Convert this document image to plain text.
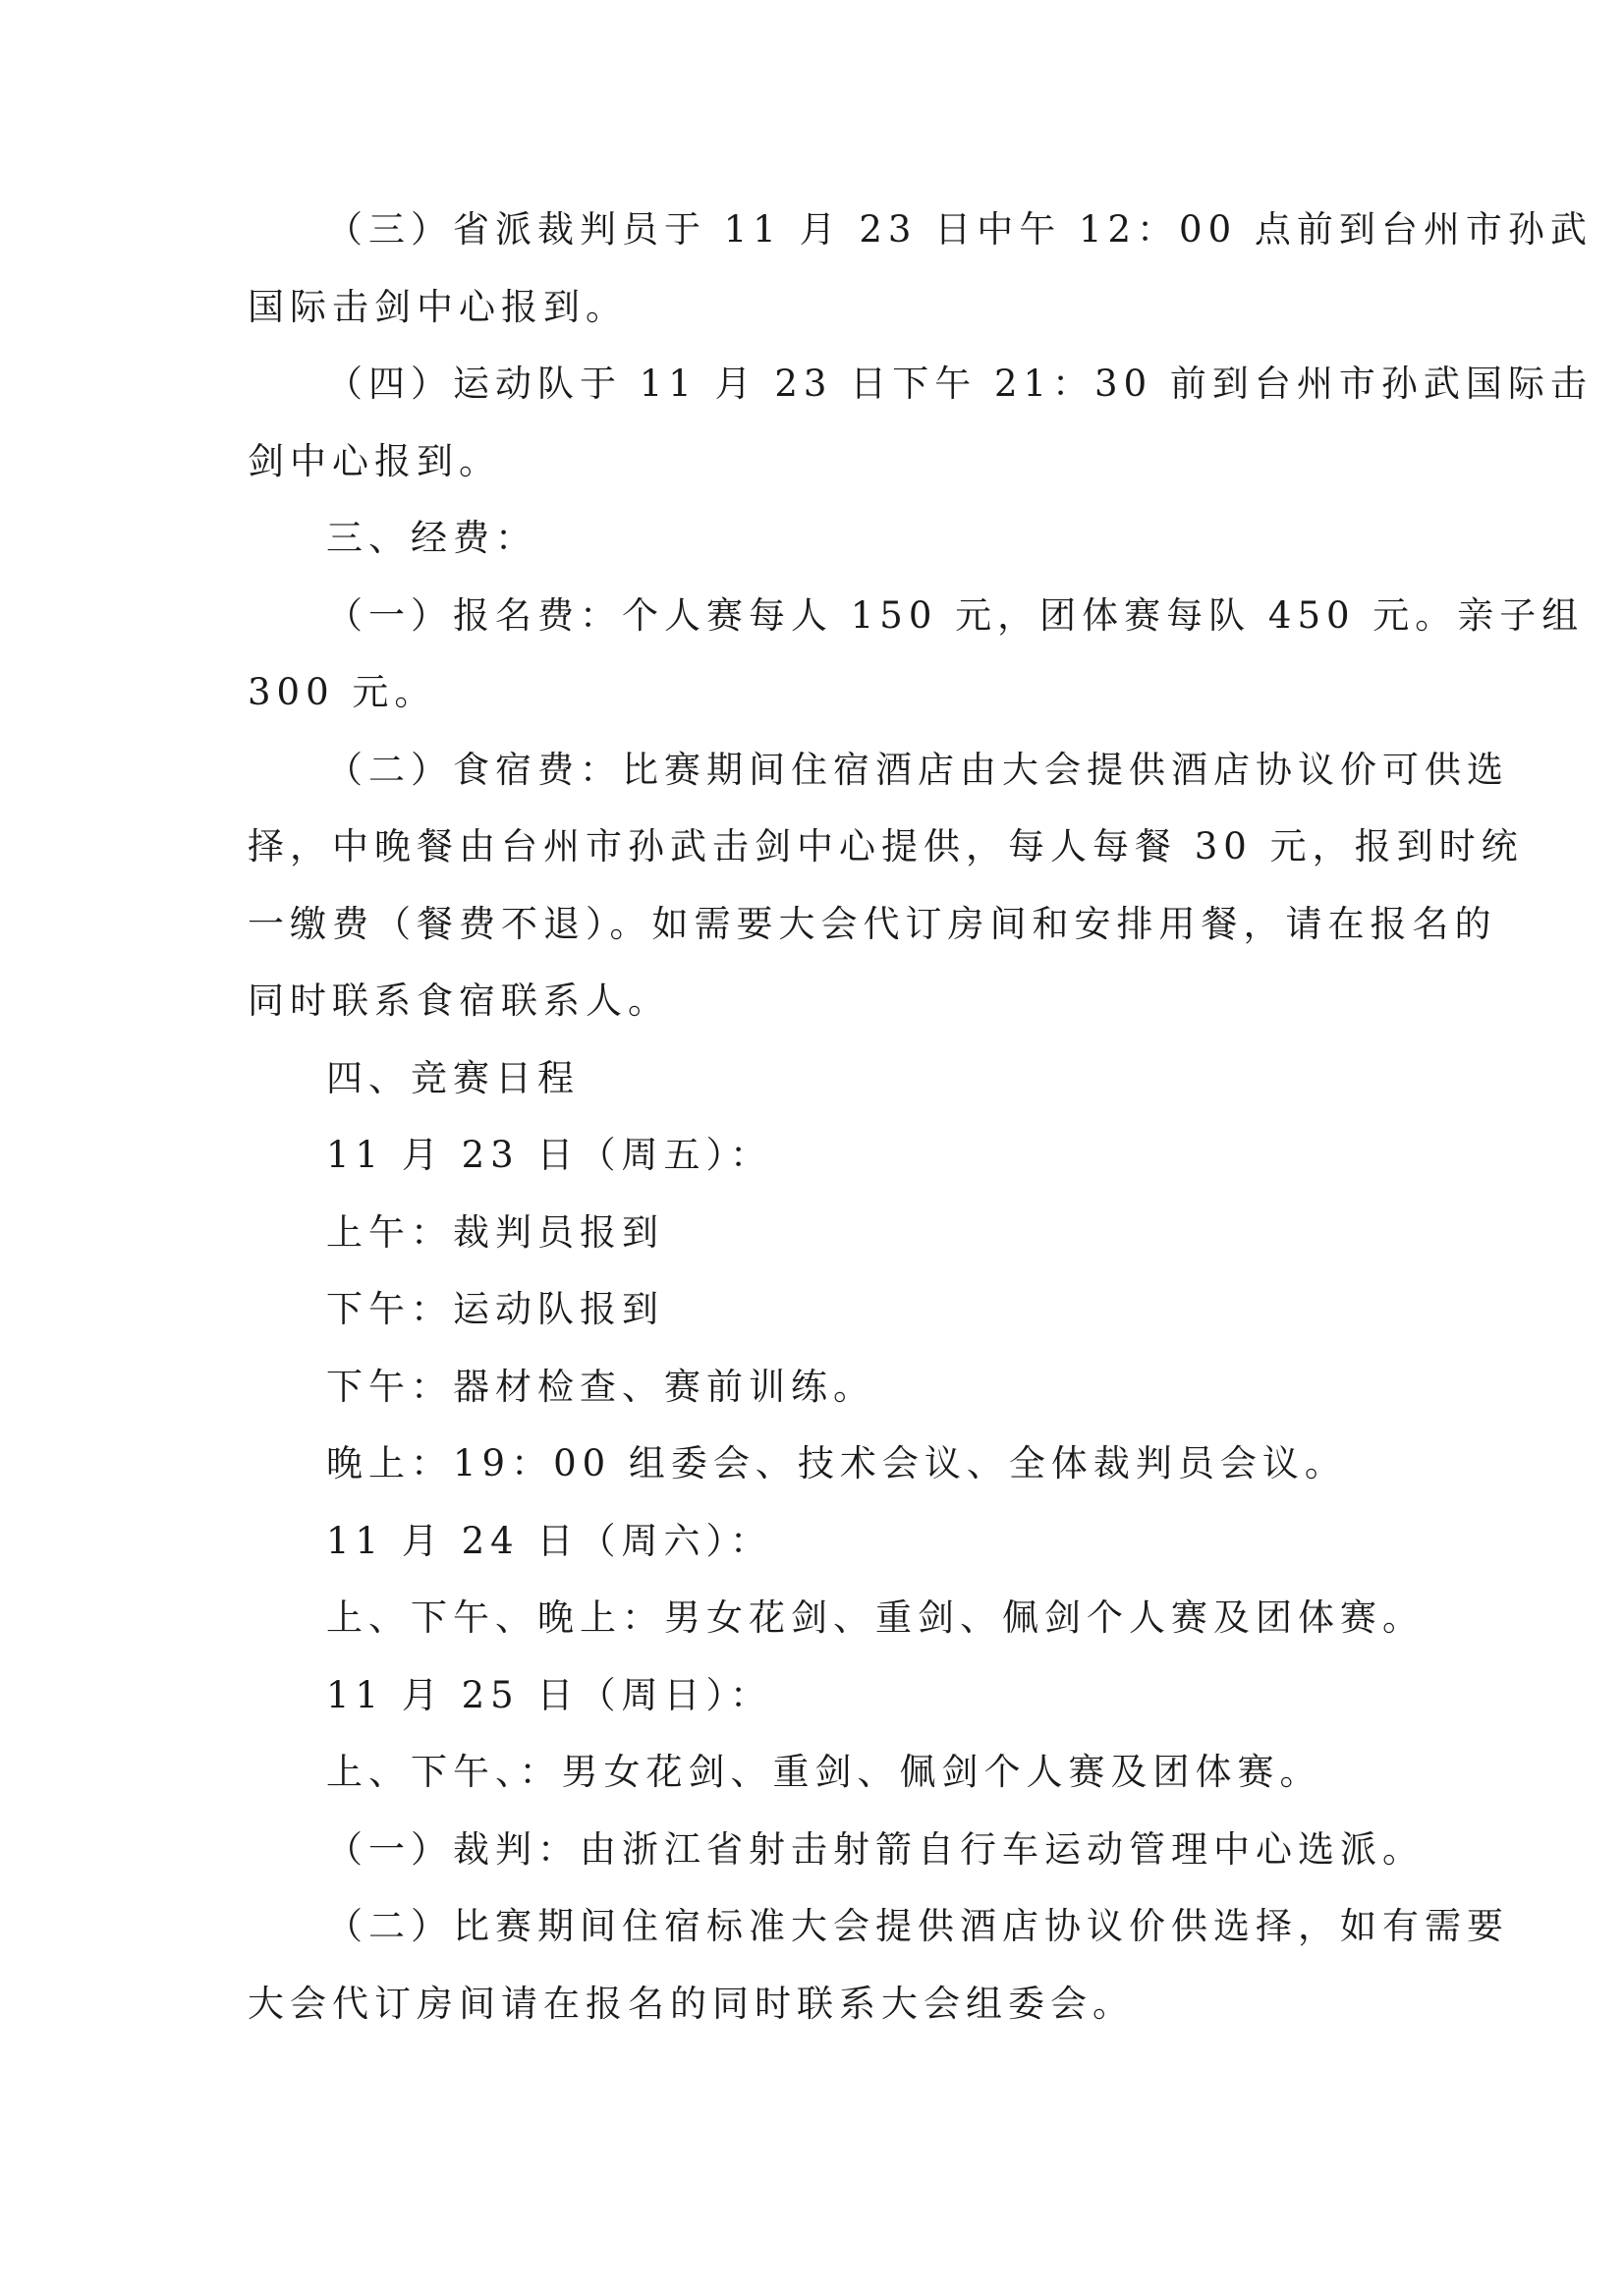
（三）省派裁判员于 11 月 23 日中午 12：00 点前到台州市孙武
国际击剑中心报到。
（四）运动队于 11 月 23 日下午 21：30 前到台州市孙武国际击
剑中心报到。
三、经费：
（一）报名费：个人赛每人 150 元，团体赛每队 450 元。亲子组
300 元。
（二）食宿费：比赛期间住宿酒店由大会提供酒店协议价可供选
择，中晚餐由台州市孙武击剑中心提供，每人每餐 30 元，报到时统
一缴费（餐费不退）。如需要大会代订房间和安排用餐，请在报名的
同时联系食宿联系人。
四、竞赛日程
11 月 23 日（周五）：
上午：裁判员报到
下午：运动队报到
下午：器材检查、赛前训练。
晚上：19：00 组委会、技术会议、全体裁判员会议。
11 月 24 日（周六）：
上、下午、晚上：男女花剑、重剑、佩剑个人赛及团体赛。
11 月 25 日（周日）：
上、下午、：男女花剑、重剑、佩剑个人赛及团体赛。
（一）裁判：由浙江省射击射箭自行车运动管理中心选派。
（二）比赛期间住宿标准大会提供酒店协议价供选择，如有需要
大会代订房间请在报名的同时联系大会组委会。
